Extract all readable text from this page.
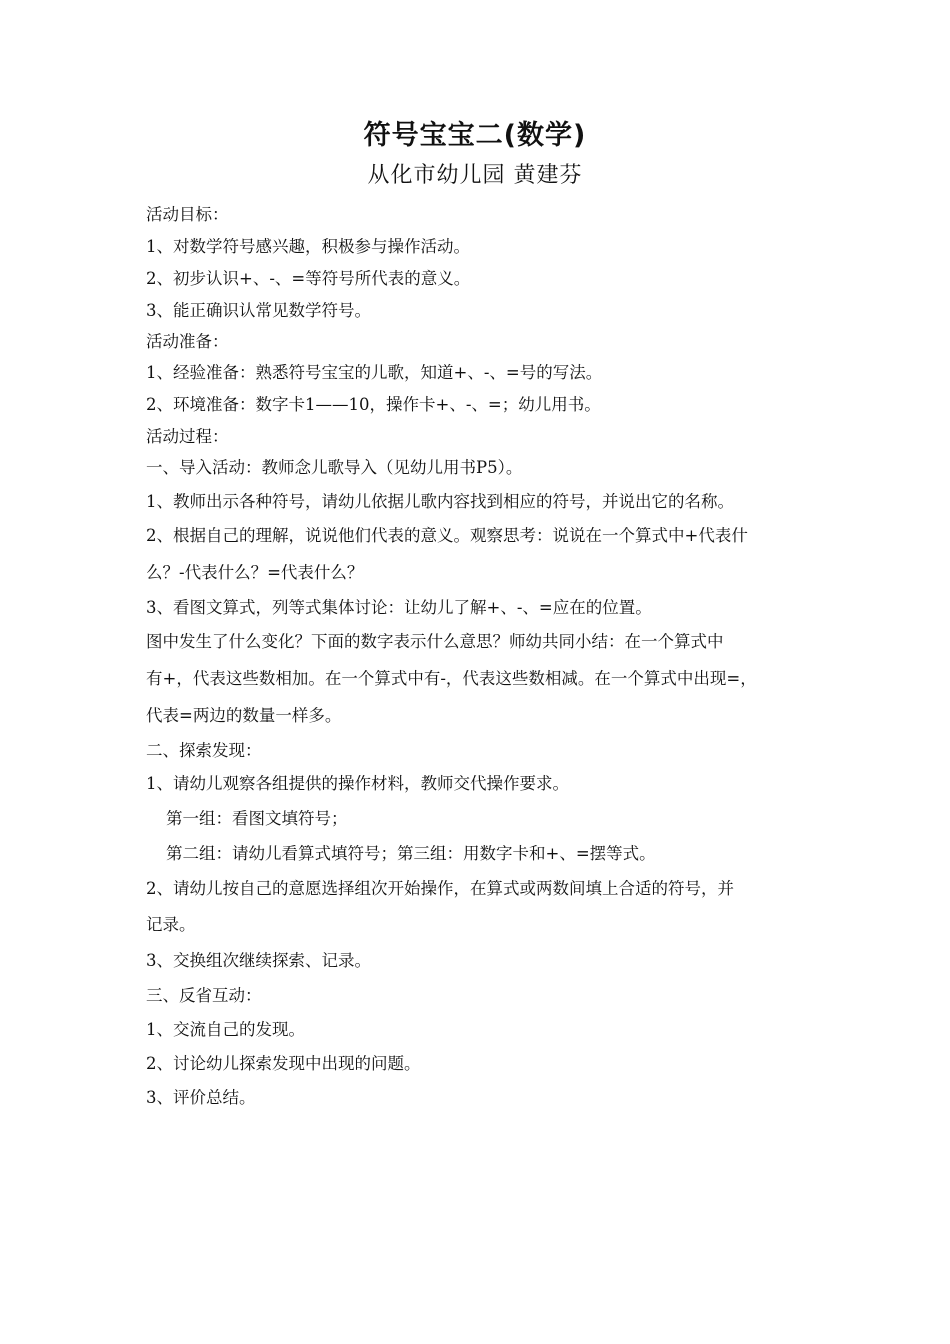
符号宝宝二(数学)
从化市幼儿园 黄建芬
活动目标：
1、对数学符号感兴趣，积极参与操作活动。
2、初步认识+、-、=等符号所代表的意义。
3、能正确识认常见数学符号。
活动准备：
1、经验准备：熟悉符号宝宝的儿歌，知道+、-、=号的写法。
2、环境准备：数字卡1——10，操作卡+、-、=；幼儿用书。
活动过程：
一、导入活动：教师念儿歌导入（见幼儿用书P5）。
1、教师出示各种符号，请幼儿依据儿歌内容找到相应的符号，并说出它的名称。
2、根据自己的理解，说说他们代表的意义。观察思考：说说在一个算式中+代表什
么？-代表什么？=代表什么？
3、看图文算式，列等式集体讨论：让幼儿了解+、-、=应在的位置。
图中发生了什么变化？下面的数字表示什么意思？师幼共同小结：在一个算式中
有+，代表这些数相加。在一个算式中有-，代表这些数相减。在一个算式中出现=，
代表=两边的数量一样多。
二、探索发现：
1、请幼儿观察各组提供的操作材料，教师交代操作要求。
第一组：看图文填符号；
第二组：请幼儿看算式填符号；第三组：用数字卡和+、=摆等式。
2、请幼儿按自己的意愿选择组次开始操作，在算式或两数间填上合适的符号，并
记录。
3、交换组次继续探索、记录。
三、反省互动：
1、交流自己的发现。
2、讨论幼儿探索发现中出现的问题。
3、评价总结。
